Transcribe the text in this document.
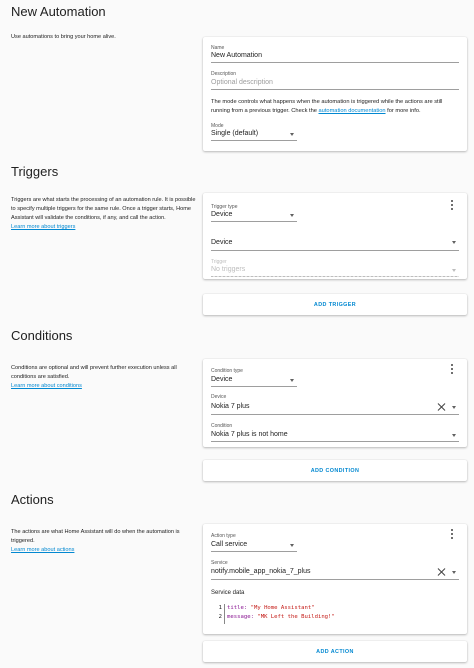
New Automation
Use automations to bring your home alive.
Name
New Automation
Description
Optional description
The mode controls what happens when the automation is triggered while the actions are still running from a previous trigger. Check the automation documentation for more info.
Mode
Single (default)
Triggers
Triggers are what starts the processing of an automation rule. It is possible to specify multiple triggers for the same rule. Once a trigger starts, Home Assistant will validate the conditions, if any, and call the action.
Learn more about triggers
Trigger type
Device
Device
Trigger
No triggers
ADD TRIGGER
Conditions
Conditions are optional and will prevent further execution unless all conditions are satisfied.
Learn more about conditions
Condition type
Device
Device
Nokia 7 plus
Condition
Nokia 7 plus is not home
ADD CONDITION
Actions
The actions are what Home Assistant will do when the automation is triggered.
Learn more about actions
Action type
Call service
Service
notify.mobile_app_nokia_7_plus
Service data
1
2
title: "My Home Assistant"
message: "MK Left the Building!"
ADD ACTION
